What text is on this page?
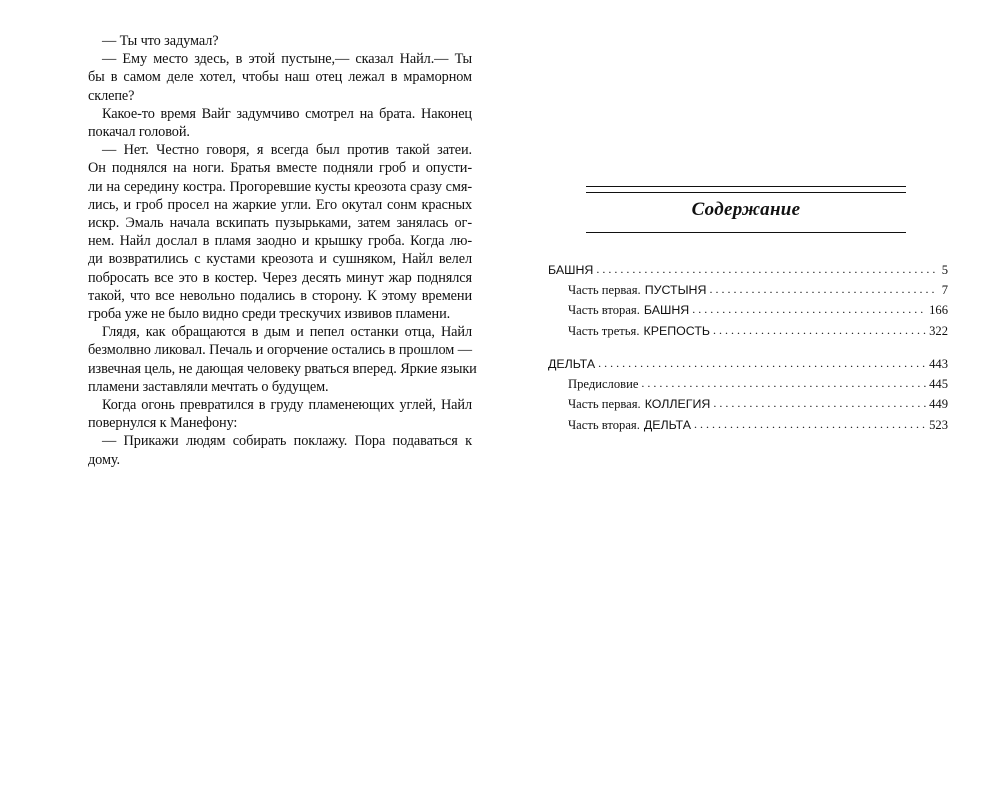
— Ты что задумал?

— Ему место здесь, в этой пустыне,— сказал Найл.— Ты
бы в самом деле хотел, чтобы наш отец лежал в мраморном
склепе?

Какое-то время Вайг задумчиво смотрел на брата. Наконец
покачал головой.

— Нет. Честно говоря, я всегда был против такой затеи.
Он поднялся на ноги. Братья вместе подняли гроб и опусти-
ли на середину костра. Прогоревшие кусты креозота сразу смя-
лись, и гроб просел на жаркие угли. Его окутал сонм красных
искр. Эмаль начала вскипать пузырьками, затем занялась ог-
нем. Найл дослал в пламя заодно и крышку гроба. Когда лю-
ди возвратились с кустами креозота и сушняком, Найл велел
побросать все это в костер. Через десять минут жар поднялся
такой, что все невольно подались в сторону. К этому времени
гроба уже не было видно среди трескучих извивов пламени.

Глядя, как обращаются в дым и пепел останки отца, Найл
безмолвно ликовал. Печаль и огорчение остались в прошлом —
извечная цель, не дающая человеку рваться вперед. Яркие языки
пламени заставляли мечтать о будущем.

Когда огонь превратился в груду пламенеющих углей, Найл
повернулся к Манефону:

— Прикажи людям собирать поклажу. Пора подаваться к
дому.

Содержание
БАШНЯ . . .	5
Часть первая. ПУСТЫНЯ . . .	7
Часть вторая. БАШНЯ . . .	166
Часть третья. КРЕПОСТЬ . . .	322
ДЕЛЬТА . . .	443
Предисловие . . .	445
Часть первая. КОЛЛЕГИЯ . . .	449
Часть вторая. ДЕЛЬТА . . .	523
